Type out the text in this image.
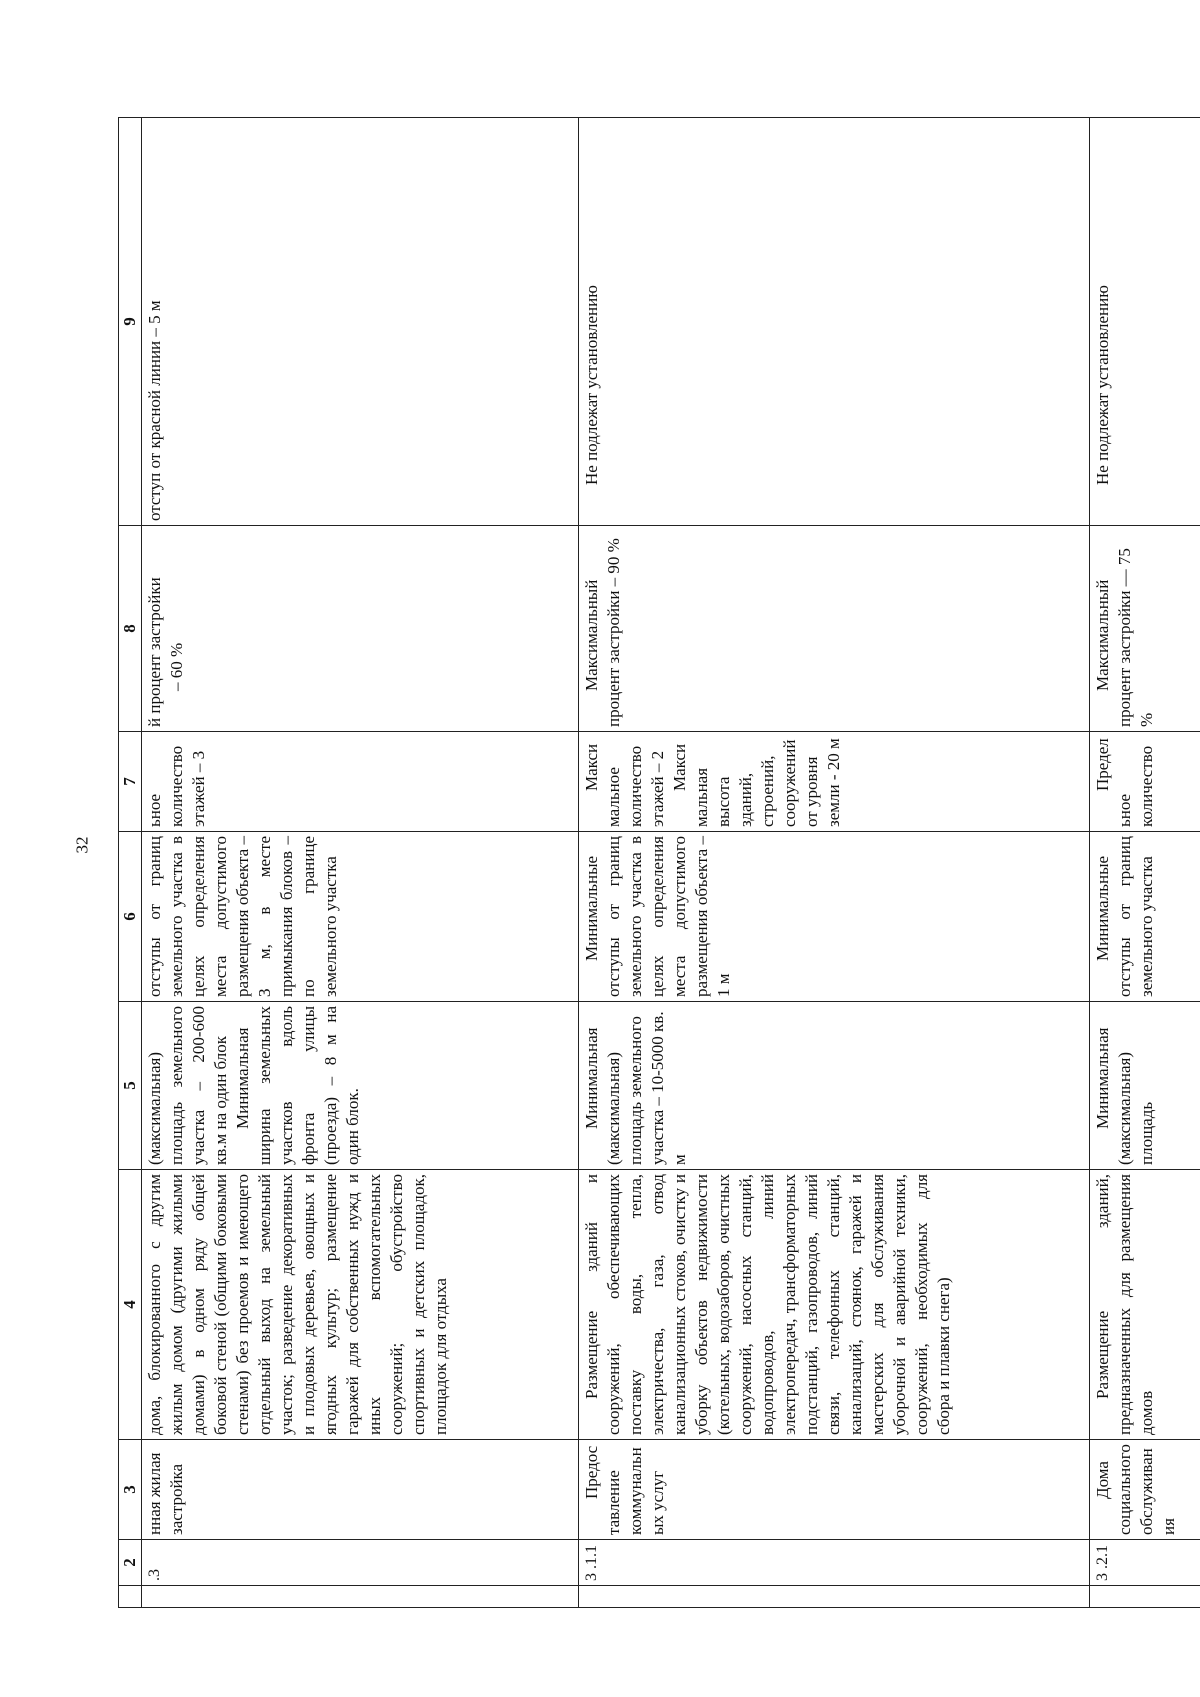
32
	2	3	4	5	6	7	8	9
	.3	нная жилая застройка	дома, блокированного с другим жилым домом (другими жилыми домами) в одном ряду общей боковой стеной (общими боковыми стенами) без проемов и имеющего отдельный выход на земельный участок; разведение декоративных и плодовых деревьев, овощных и ягодных культур; размещение гаражей для собственных нужд и иных вспомогательных сооружений; обустройство спортивных и детских площадок, площадок для отдыха	(максимальная) площадь земельного участка – 200-600 кв.м на один блок Минимальная ширина земельных участков вдоль фронта улицы (проезда) – 8 м на один блок.	отступы от границ земельного участка в целях определения места допустимого размещения объекта – 3 м, в месте примыкания блоков – по границе земельного участка	ьное количество этажей – 3	й процент застройки – 60 %	отступ от красной линии – 5 м
	3 .1.1	Предоставление коммунальных услуг	Размещение зданий и сооружений, обеспечивающих поставку воды, тепла, электричества, газа, отвод канализационных стоков, очистку и уборку объектов недвижимости (котельных, водозаборов, очистных сооружений, насосных станций, водопроводов, линий электропередач, трансформаторных подстанций, газопроводов, линий связи, телефонных станций, канализаций, стоянок, гаражей и мастерских для обслуживания уборочной и аварийной техники, сооружений, необходимых для сбора и плавки снега)	Минимальная (максимальная) площадь земельного участка – 10-5000 кв. м	Минимальные отступы от границ земельного участка в целях определения места допустимого размещения объекта – 1 м	Максимальное количество этажей – 2 Максимальная высота зданий, строений, сооружений от уровня земли - 20 м	Максимальный процент застройки – 90 %	Не подлежат установлению
	3 .2.1	Дома социального обслуживания	Размещение зданий, предназначенных для размещения домов	Минимальная (максимальная) площадь	Минимальные отступы от границ земельного участка	Предельное количество	Максимальный процент застройки — 75 %	Не подлежат установлению
